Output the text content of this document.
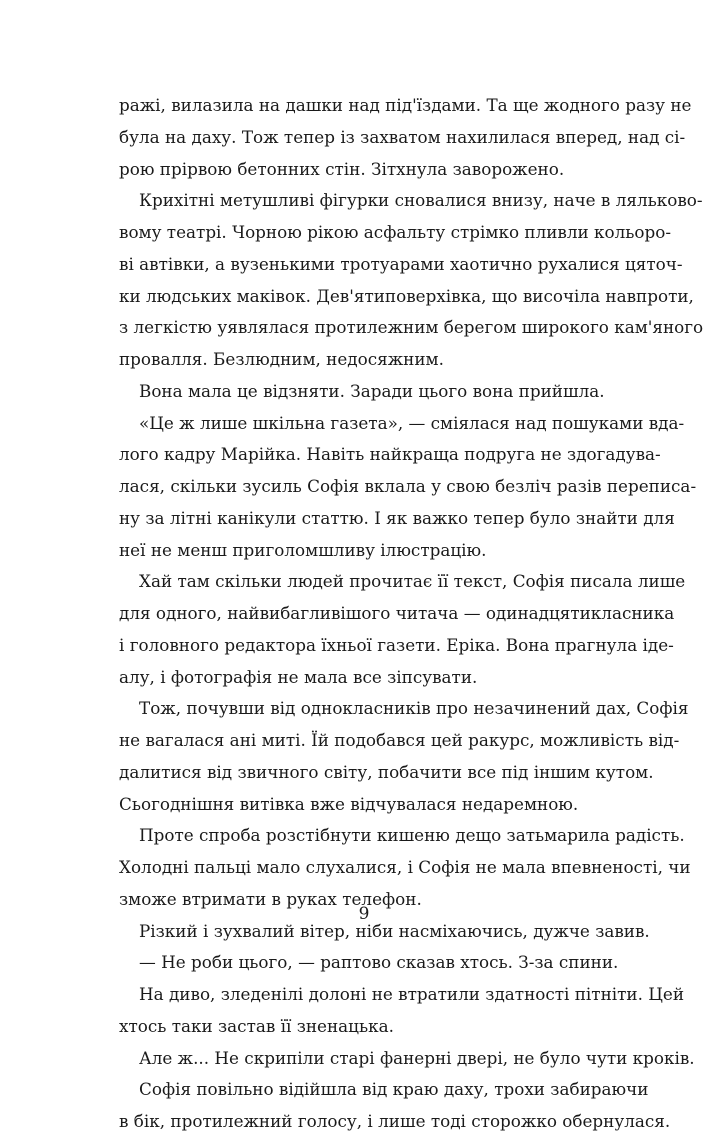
ражі, вилазила на дашки над під'їздами. Та ще жодного разу не
була на даху. Тож тепер із захватом нахилилася вперед, над сі-
рою прірвою бетонних стін. Зітхнула заворожено.
Крихітні метушливі фігурки сновалися внизу, наче в ляльково-
вому театрі. Чорною рікою асфальту стрімко пливли кольоро-
ві автівки, а вузенькими тротуарами хаотично рухалися цяточ-
ки людських маківок. Дев'ятиповерхівка, що височіла навпроти,
з легкістю уявлялася протилежним берегом широкого кам'яного
провалля. Безлюдним, недосяжним.
Вона мала це відзняти. Заради цього вона прийшла.
«Це ж лише шкільна газета», — сміялася над пошуками вда-
лого кадру Марійка. Навіть найкраща подруга не здогадува-
лася, скільки зусиль Софія вклала у свою безліч разів переписа-
ну за літні канікули статтю. І як важко тепер було знайти для
неї не менш приголомшливу ілюстрацію.
Хай там скільки людей прочитає її текст, Софія писала лише
для одного, найвибагливішого читача — одинадцятикласника
і головного редактора їхньої газети. Еріка. Вона прагнула іде-
алу, і фотографія не мала все зіпсувати.
Тож, почувши від однокласників про незачинений дах, Софія
не вагалася ані миті. Їй подобався цей ракурс, можливість від-
далитися від звичного світу, побачити все під іншим кутом.
Сьогоднішня витівка вже відчувалася недаремною.
Проте спроба розстібнути кишеню дещо затьмарила радість.
Холодні пальці мало слухалися, і Софія не мала впевненості, чи
зможе втримати в руках телефон.
Різкий і зухвалий вітер, ніби насміхаючись, дужче завив.
— Не роби цього, — раптово сказав хтось. З-за спини.
На диво, зледенілі долоні не втратили здатності пітніти. Цей
хтось таки застав її зненацька.
Але ж... Не скрипіли старі фанерні двері, не було чути кроків.
Софія повільно відійшла від краю даху, трохи забираючи
в бік, протилежний голосу, і лише тоді сторожко обернулася.
9
